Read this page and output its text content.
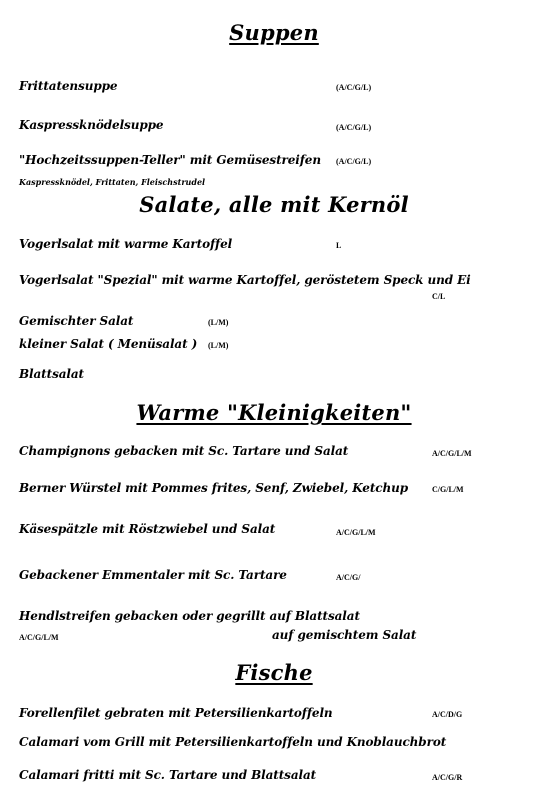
Suppen
Frittatensuppe	(A/C/G/L)
Kaspressknödelsuppe	(A/C/G/L)
"Hochzeitssuppen-Teller" mit Gemüsestreifen (A/C/G/L)
Kaspressknödel, Frittaten, Fleischstrudel
Salate, alle mit Kernöl
Vogerlsalat mit warme Kartoffel	L
Vogerlsalat "Spezial" mit warme Kartoffel, geröstetem Speck und Ei
C/L
Gemischter Salat	(L/M)
kleiner Salat ( Menüsalat ) (L/M)
Blattsalat
Warme "Kleinigkeiten"
Champignons gebacken mit Sc. Tartare und Salat	A/C/G/L/M
Berner Würstel mit Pommes frites, Senf, Zwiebel, Ketchup	C/G/L/M
Käsespätzle mit Röstzwiebel und Salat	A/C/G/L/M
Gebackener Emmentaler mit Sc. Tartare	A/C/G/
Hendlstreifen gebacken oder gegrillt auf Blattsalat
A/C/G/L/M	auf gemischtem Salat
Fische
Forellenfilet gebraten mit Petersilienkartoffeln	A/C/D/G
Calamari vom Grill mit Petersilienkartoffeln und Knoblauchbrot
Calamari fritti mit Sc. Tartare und Blattsalat	A/C/G/R
